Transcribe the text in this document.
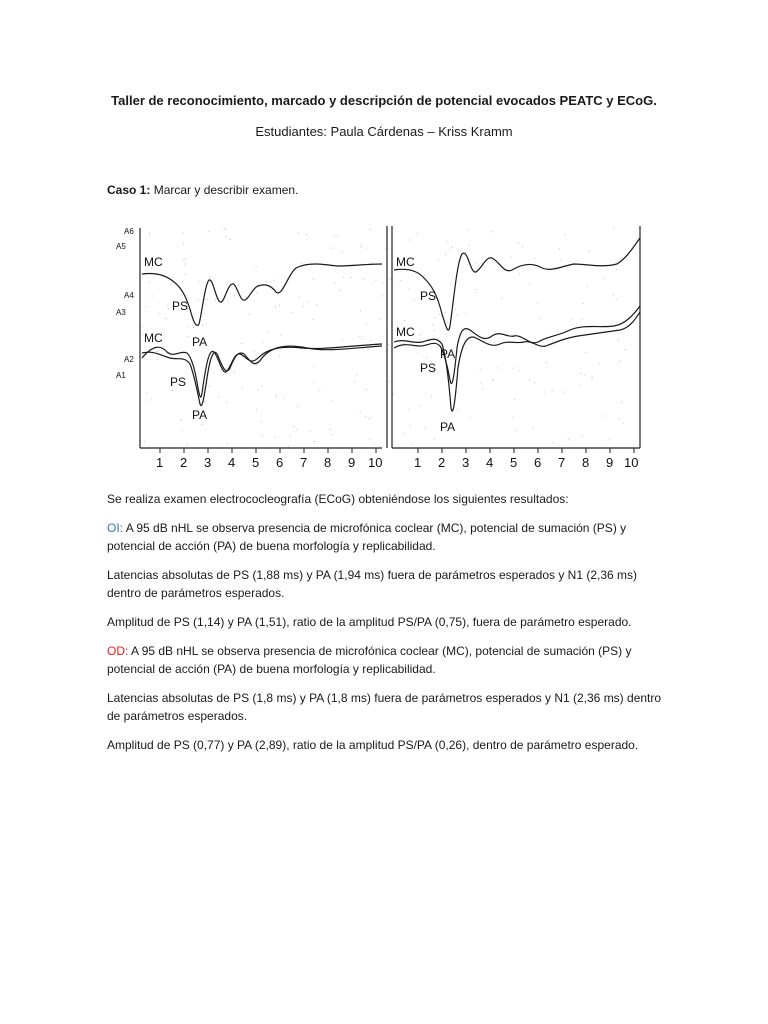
Taller de reconocimiento, marcado y descripción de potencial evocados PEATC y ECoG.

Estudiantes: Paula Cárdenas – Kriss Kramm

Caso 1: Marcar y describir examen.

A6
A5
A4
A3
A2
A1
MC
PS
PA
MC
PS
PA
MC
PS
MC
PA
PS
PA
1 2 3 4 5 6 7 8 9 10 1 2 3 4 5 6 7 8 9 10

Se realiza examen electrococleografía (ECoG) obteniéndose los siguientes resultados:

OI: A 95 dB nHL se observa presencia de microfónica coclear (MC), potencial de sumación (PS) y potencial de acción (PA) de buena morfología y replicabilidad.

Latencias absolutas de PS (1,88 ms) y PA (1,94 ms) fuera de parámetros esperados y N1 (2,36 ms) dentro de parámetros esperados.

Amplitud de PS (1,14) y PA (1,51), ratio de la amplitud PS/PA (0,75), fuera de parámetro esperado.

OD: A 95 dB nHL se observa presencia de microfónica coclear (MC), potencial de sumación (PS) y potencial de acción (PA) de buena morfología y replicabilidad.

Latencias absolutas de PS (1,8 ms) y PA (1,8 ms) fuera de parámetros esperados y N1 (2,36 ms) dentro de parámetros esperados.

Amplitud de PS (0,77) y PA (2,89), ratio de la amplitud PS/PA (0,26), dentro de parámetro esperado.
